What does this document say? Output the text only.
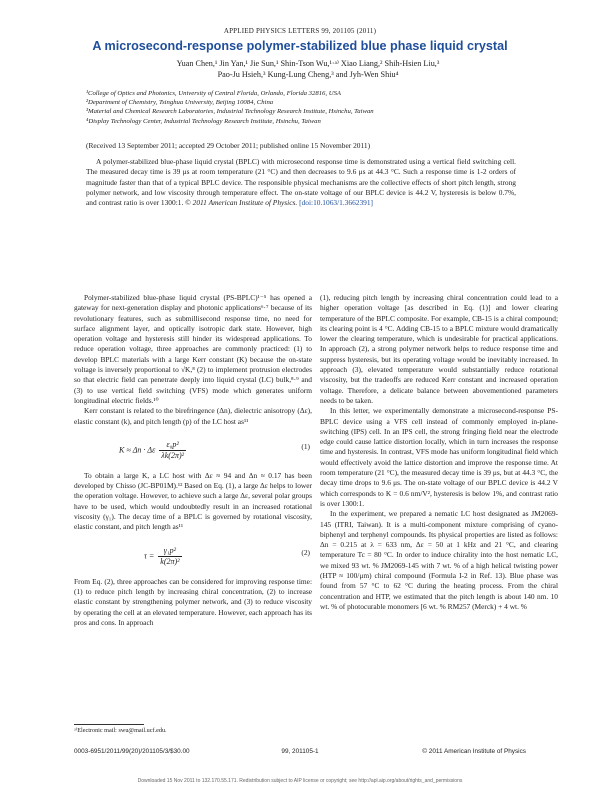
APPLIED PHYSICS LETTERS 99, 201105 (2011)
A microsecond-response polymer-stabilized blue phase liquid crystal
Yuan Chen,¹ Jin Yan,¹ Jie Sun,¹ Shin-Tson Wu,¹·ᵃ⁾ Xiao Liang,² Shih-Hsien Liu,³
Pao-Ju Hsieh,³ Kung-Lung Cheng,³ and Jyh-Wen Shiu⁴
¹College of Optics and Photonics, University of Central Florida, Orlando, Florida 32816, USA
²Department of Chemistry, Tsinghua University, Beijing 10084, China
³Material and Chemical Research Laboratories, Industrial Technology Research Institute, Hsinchu, Taiwan
⁴Display Technology Center, Industrial Technology Research Institute, Hsinchu, Taiwan
(Received 13 September 2011; accepted 29 October 2011; published online 15 November 2011)
A polymer-stabilized blue-phase liquid crystal (BPLC) with microsecond response time is demonstrated using a vertical field switching cell. The measured decay time is 39 μs at room temperature (21 °C) and then decreases to 9.6 μs at 44.3 °C. Such a response time is 1-2 orders of magnitude faster than that of a typical BPLC device. The responsible physical mechanisms are the collective effects of short pitch length, strong polymer network, and low viscosity through temperature effect. The on-state voltage of our BPLC device is 44.2 V, hysteresis is below 0.7%, and contrast ratio is over 1300:1. © 2011 American Institute of Physics. [doi:10.1063/1.3662391]

Polymer-stabilized blue-phase liquid crystal (PS-BPLC)¹⁻⁵ has opened a gateway for next-generation display and photonic applications⁶·⁷ because of its revolutionary features, such as submillisecond response time, no need for surface alignment layer, and optically isotropic dark state. However, high operation voltage and hysteresis still hinder its widespread applications. To reduce operation voltage, three approaches are commonly practiced: (1) to develop BPLC materials with a large Kerr constant (K) because the on-state voltage is inversely proportional to √K,⁸ (2) to implement protrusion electrodes so that electric field can penetrate deeply into liquid crystal (LC) bulk,⁸·⁹ and (3) to use vertical field switching (VFS) mode which generates uniform longitudinal electric fields.¹⁰

Kerr constant is related to the birefringence (Δn), dielectric anisotropy (Δε), elastic constant (k), and pitch length (p) of the LC host as¹¹

K ≈ Δn · Δε $\frac{\text{ε₀p²}}{\text{λk(2π)²}}$	(1)

To obtain a large K, a LC host with Δε ≈ 94 and Δn ≈ 0.17 has been developed by Chisso (JC-BP01M).¹² Based on Eq. (1), a large Δε helps to lower the operation voltage. However, to achieve such a large Δε, several polar groups have to be used, which would undoubtedly result in an increased rotational viscosity (γ₁). The decay time of a BPLC is governed by rotational viscosity, elastic constant, and pitch length as¹¹

$\tau = \frac{\text{γ₁p²}}{\text{k(2π)²}}$	(2)

From Eq. (2), three approaches can be considered for improving response time: (1) to reduce pitch length by increasing chiral concentration, (2) to increase elastic constant by strengthening polymer network, and (3) to reduce viscosity by operating the cell at an elevated temperature. However, each approach has its pros and cons. In approach

(1), reducing pitch length by increasing chiral concentration could lead to a higher operation voltage [as described in Eq. (1)] and lower clearing temperature of the BPLC composite. For example, CB-15 is a chiral compound; its clearing point is 4 °C. Adding CB-15 to a BPLC mixture would dramatically lower the clearing temperature, which is undesirable for practical applications. In approach (2), a strong polymer network helps to reduce response time and suppress hysteresis, but its operating voltage would be inevitably increased. In approach (3), elevated temperature would substantially reduce rotational viscosity, but the tradeoffs are reduced Kerr constant and increased operation voltage. Therefore, a delicate balance between abovementioned parameters needs to be taken.

In this letter, we experimentally demonstrate a microsecond-response PS-BPLC device using a VFS cell instead of commonly employed in-plane-switching (IPS) cell. In an IPS cell, the strong fringing field near the electrode edge could cause lattice distortion locally, which in turn increases the response time and hysteresis. In contrast, VFS mode has uniform longitudinal field which would effectively avoid the lattice distortion and improve the response time. At room temperature (21 °C), the measured decay time is 39 μs, but at 44.3 °C, the decay time drops to 9.6 μs. The on-state voltage of our BPLC device is 44.2 V which corresponds to K = 0.6 nm/V², hysteresis is below 1%, and contrast ratio is over 1300:1.

In the experiment, we prepared a nematic LC host designated as JM2069-145 (ITRI, Taiwan). It is a multi-component mixture comprising of cyano-biphenyl and terphenyl compounds. Its physical properties are listed as follows: Δn = 0.215 at λ = 633 nm, Δε = 50 at 1 kHz and 21 °C, and clearing temperature Tc = 80 °C. In order to induce chirality into the host nematic LC, we mixed 93 wt. % JM2069-145 with 7 wt. % of a high helical twisting power (HTP ≈ 100/μm) chiral compound (Formula I-2 in Ref. 13). Blue phase was found from 57 °C to 62 °C during the heating process. From the chiral concentration and HTP, we estimated that the pitch length is about 140 nm. 10 wt. % of photocurable monomers [6 wt. % RM257 (Merck) + 4 wt. %

ᵃ⁾Electronic mail: swu@mail.ucf.edu.
0003-6951/2011/99(20)/201105/3/$30.00	99, 201105-1	© 2011 American Institute of Physics
Downloaded 15 Nov 2011 to 132.170.55.171. Redistribution subject to AIP license or copyright; see http://apl.aip.org/about/rights_and_permissions
